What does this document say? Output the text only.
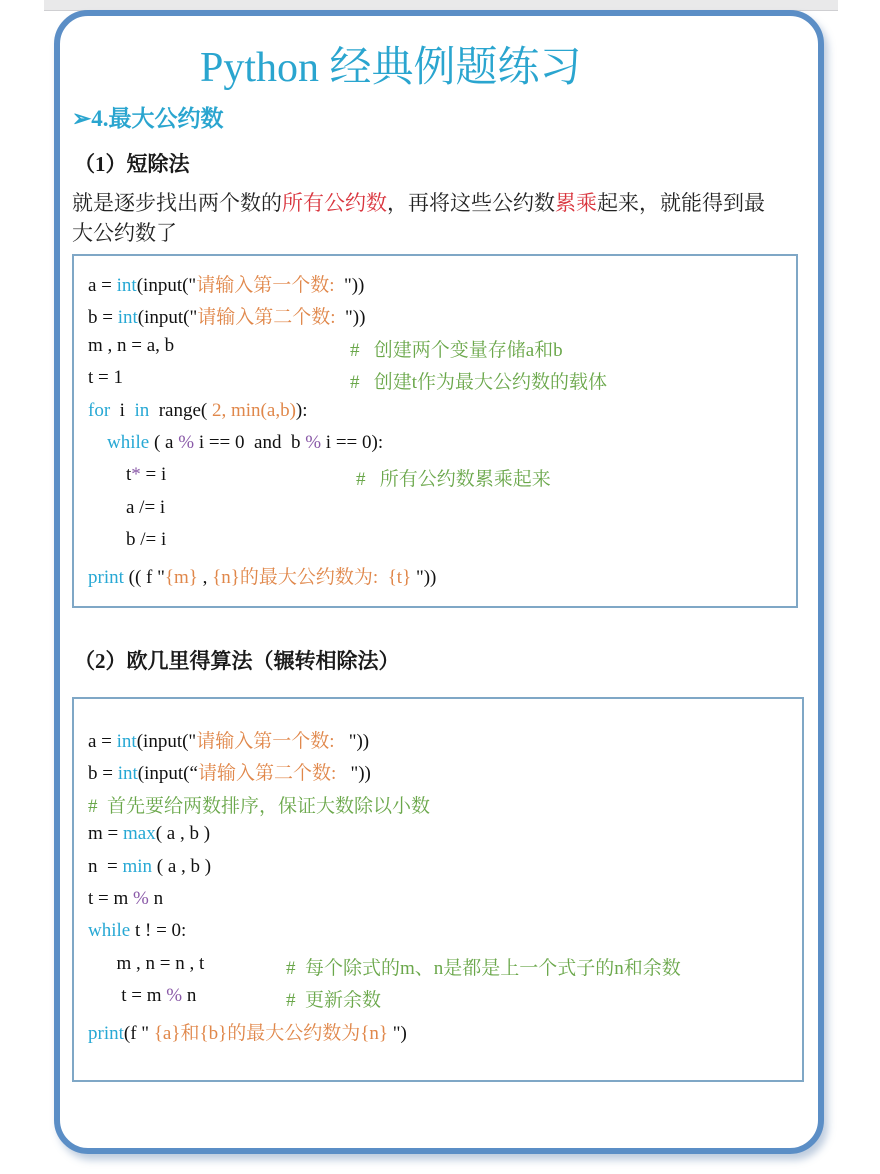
Python 经典例题练习
➢4.最大公约数
（1）短除法
就是逐步找出两个数的所有公约数，再将这些公约数累乘起来，就能得到最大公约数了
（2）欧几里得算法（辗转相除法）
a = int(input("请输入第一个数:  "))
b = int(input("请输入第二个数:  "))
m , n = a, b
t = 1
for  i  in  range( 2, min(a,b)):
while ( a % i == 0  and  b % i == 0):
t* = i
a /= i
b /= i
print (( f "{m} , {n}的最大公约数为:  {t} "))
#   创建两个变量存储a和b
#   创建t作为最大公约数的载体
#   所有公约数累乘起来
a = int(input("请输入第一个数:   "))
b = int(input(“请输入第二个数:   "))
#  首先要给两数排序，保证大数除以小数
m = max( a , b )
n  = min ( a , b )
t = m % n
while t ! = 0:
m , n = n , t
t = m % n
print(f " {a}和{b}的最大公约数为{n} ")
#  每个除式的m、n是都是上一个式子的n和余数
#  更新余数
